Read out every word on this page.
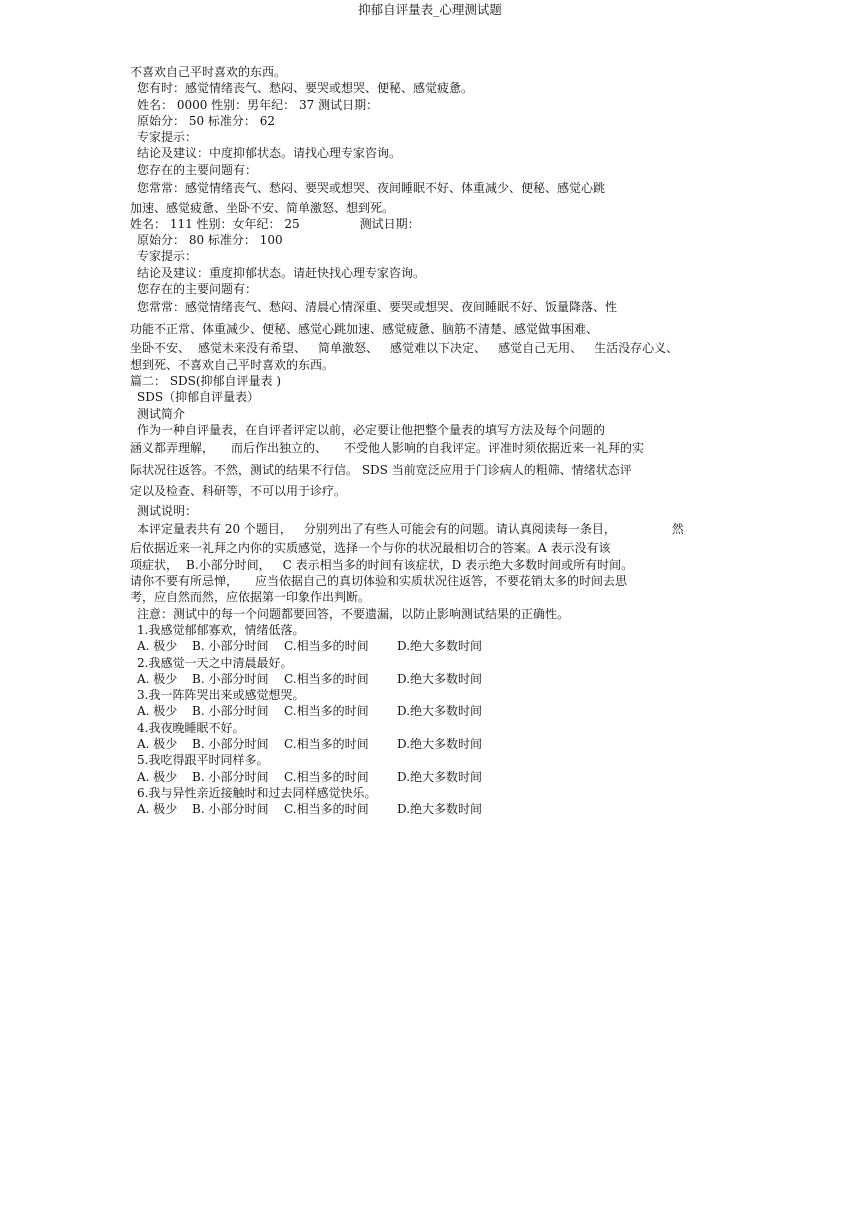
抑郁自评量表_心理测试题
不喜欢自己平时喜欢的东西。
您有时：感觉情绪丧气、愁闷、要哭或想哭、便秘、感觉疲惫。
姓名： 0000 性别：男年纪： 37 测试日期：
原始分： 50 标准分： 62
专家提示：
结论及建议：中度抑郁状态。请找心理专家咨询。
您存在的主要问题有：
您常常：感觉情绪丧气、愁闷、要哭或想哭、夜间睡眠不好、体重减少、便秘、感觉心跳
加速、感觉疲惫、坐卧不安、简单激怒、想到死。
姓名： 111 性别：女年纪： 25	测试日期：
原始分： 80 标准分： 100
专家提示：
结论及建议：重度抑郁状态。请赶快找心理专家咨询。
您存在的主要问题有：
您常常：感觉情绪丧气、愁闷、清晨心情深重、要哭或想哭、夜间睡眠不好、饭量降落、性
功能不正常、体重减少、便秘、感觉心跳加速、感觉疲惫、脑筋不清楚、感觉做事困难、
坐卧不安、 感觉未来没有希望、 简单激怒、 感觉难以下决定、 感觉自己无用、 生活没存心义、
想到死、不喜欢自己平时喜欢的东西。
篇二： SDS(抑郁自评量表 )
SDS（抑郁自评量表）
测试简介
作为一种自评量表，在自评者评定以前，必定要让他把整个量表的填写方法及每个问题的
涵义都弄理解， 而后作出独立的、 不受他人影响的自我评定。评准时须依据近来一礼拜的实
际状况往返答。不然，测试的结果不行信。 SDS 当前宽泛应用于门诊病人的粗筛、情绪状态评
定以及检查、科研等，不可以用于诊疗。
测试说明：
本评定量表共有 20 个题目， 分别列出了有些人可能会有的问题。请认真阅读每一条目，	然
后依据近来一礼拜之内你的实质感觉，选择一个与你的状况最相切合的答案。A 表示没有该
项症状， B.小部分时间， C 表示相当多的时间有该症状，D 表示绝大多数时间或所有时间。
请你不要有所忌惮， 应当依据自己的真切体验和实质状况往返答，不要花销太多的时间去思
考，应自然而然，应依据第一印象作出判断。
注意：测试中的每一个问题都要回答，不要遗漏，以防止影响测试结果的正确性。
1.我感觉郁郁寡欢，情绪低落。
A. 极少 B. 小部分时间 C.相当多的时间 D.绝大多数时间
2.我感觉一天之中清晨最好。
A. 极少 B. 小部分时间 C.相当多的时间 D.绝大多数时间
3.我一阵阵哭出来或感觉想哭。
A. 极少 B. 小部分时间 C.相当多的时间 D.绝大多数时间
4.我夜晚睡眠不好。
A. 极少 B. 小部分时间 C.相当多的时间 D.绝大多数时间
5.我吃得跟平时同样多。
A. 极少 B. 小部分时间 C.相当多的时间 D.绝大多数时间
6.我与异性亲近接触时和过去同样感觉快乐。
A. 极少 B. 小部分时间 C.相当多的时间 D.绝大多数时间
